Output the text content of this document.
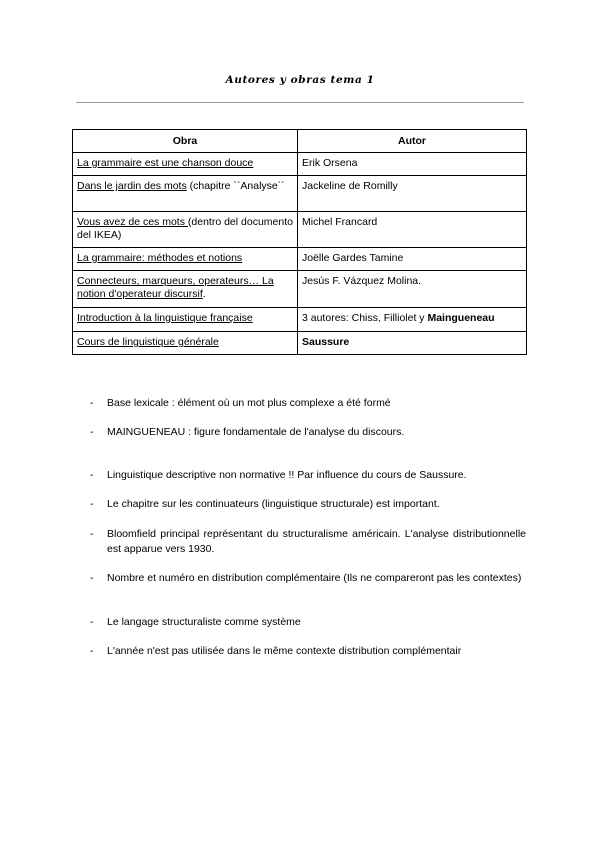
Autores y obras tema 1
Obra	Autor
La grammaire est une chanson douce	Erik Orsena
Dans le jardin des mots (chapitre ``Analyse´´	Jackeline de Romilly
Vous avez de ces mots (dentro del documento del IKEA)	Michel Francard
La grammaire: méthodes et notions	Joëlle Gardes Tamine
Connecteurs, marqueurs, operateurs… La notion d'operateur discursif.	Jesús F. Vázquez Molina.
Introduction à la linguistique française	3 autores: Chiss, Filliolet y Maingueneau
Cours de linguistique générale	Saussure
- Base lexicale : élément où un mot plus complexe a été formé
- MAINGUENEAU : figure fondamentale de l'analyse du discours.
- Linguistique descriptive non normative !! Par influence du cours de Saussure.
- Le chapitre sur les continuateurs (linguistique structurale) est important.
- Bloomfield principal représentant du structuralisme américain. L'analyse distributionnelle est apparue vers 1930.
- Nombre et numéro en distribution complémentaire (Ils ne compareront pas les contextes)
- Le langage structuraliste comme système
- L'année n'est pas utilisée dans le même contexte distribution complémentair
